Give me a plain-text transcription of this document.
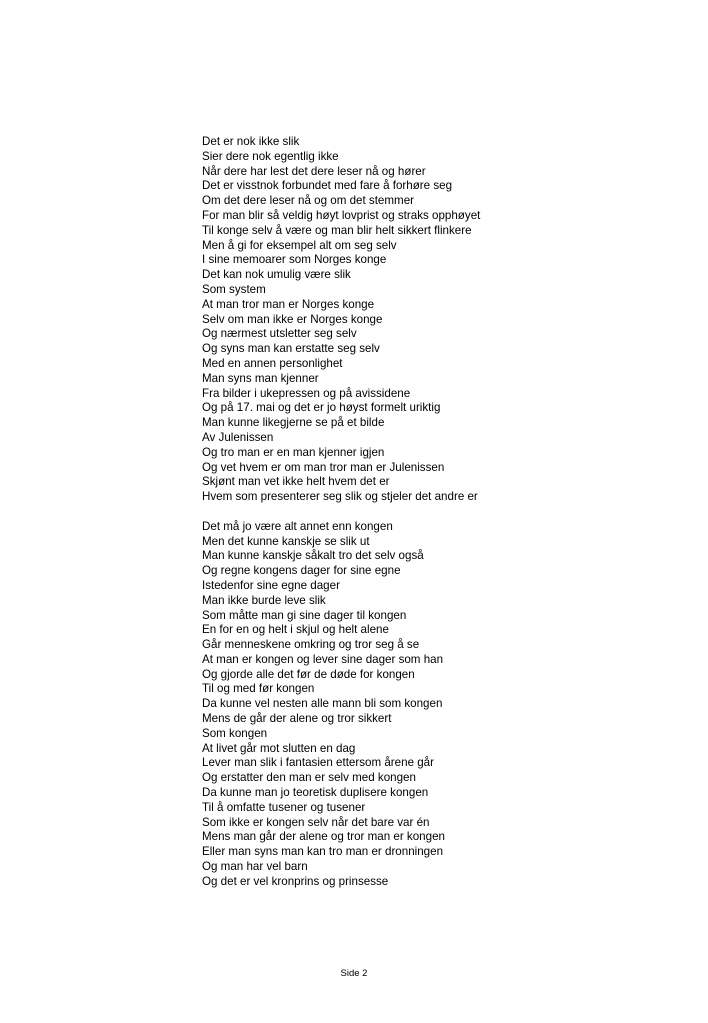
Det er nok ikke slik
Sier dere nok egentlig ikke
Når dere har lest det dere leser nå og hører
Det er visstnok forbundet med fare å forhøre seg
Om det dere leser nå og om det stemmer
For man blir så veldig høyt lovprist og straks opphøyet
Til konge selv å være og man blir helt sikkert flinkere
Men å gi for eksempel alt om seg selv
I sine memoarer som Norges konge
Det kan nok umulig være slik
Som system
At man tror man er Norges konge
Selv om man ikke er Norges konge
Og nærmest utsletter seg selv
Og syns man kan erstatte seg selv
Med en annen personlighet
Man syns man kjenner
Fra bilder i ukepressen og på avissidene
Og på 17. mai og det er jo høyst formelt uriktig
Man kunne likegjerne se på et bilde
Av Julenissen
Og tro man er en man kjenner igjen
Og vet hvem er om man tror man er Julenissen
Skjønt man vet ikke helt hvem det er
Hvem som presenterer seg slik og stjeler det andre er
Det må jo være alt annet enn kongen
Men det kunne kanskje se slik ut
Man kunne kanskje såkalt tro det selv også
Og regne kongens dager for sine egne
Istedenfor sine egne dager
Man ikke burde leve slik
Som måtte man gi sine dager til kongen
En for en og helt i skjul og helt alene
Går menneskene omkring og tror seg å se
At man er kongen og lever sine dager som han
Og gjorde alle det før de døde for kongen
Til og med før kongen
Da kunne vel nesten alle mann bli som kongen
Mens de går der alene og tror sikkert
Som kongen
At livet går mot slutten en dag
Lever man slik i fantasien ettersom årene går
Og erstatter den man er selv med kongen
Da kunne man jo teoretisk duplisere kongen
Til å omfatte tusener og tusener
Som ikke er kongen selv når det bare var én
Mens man går der alene og tror man er kongen
Eller man syns man kan tro man er dronningen
Og man har vel barn
Og det er vel kronprins og prinsesse
Side 2
